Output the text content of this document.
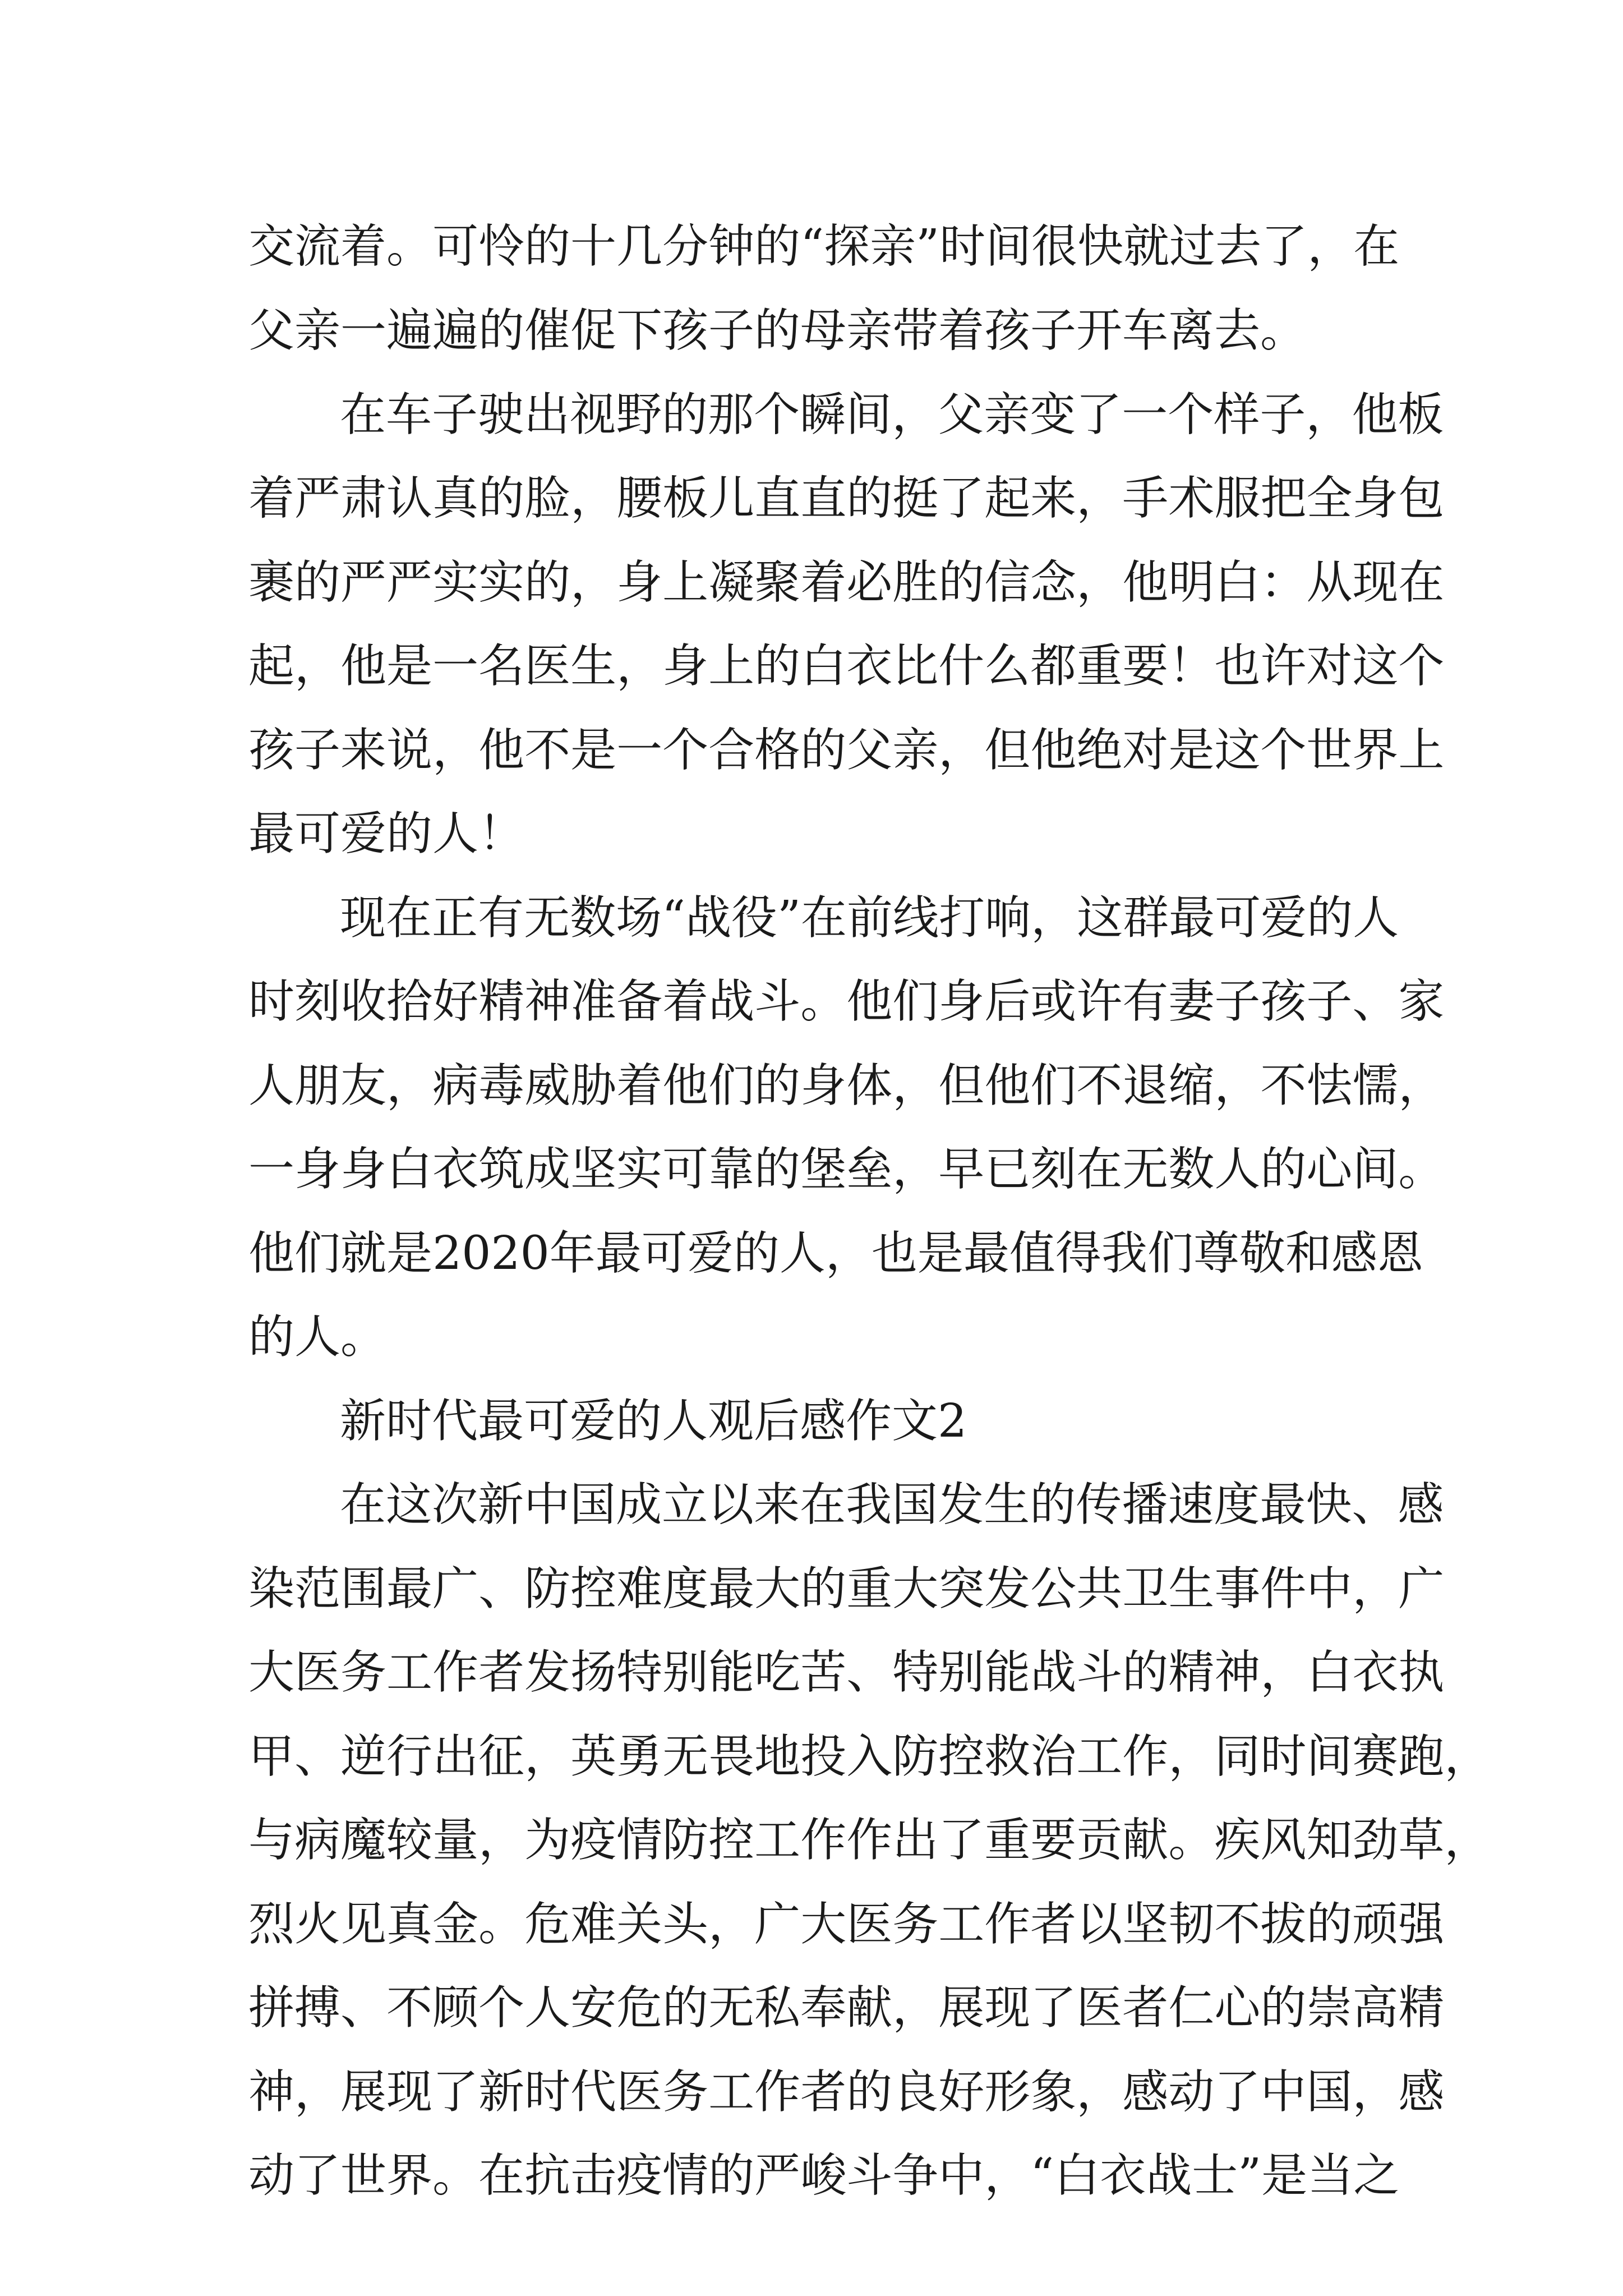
交 流 着 。 可 怜 的 十 几 分 钟 的 “ 探 亲 ” 时 间 很 快 就 过 去 了 ， 在
父亲一遍遍的催促下孩子的母亲带着孩子开车离去。
在 车 子 驶 出 视 野 的 那 个 瞬 间 ， 父 亲 变 了 一 个 样 子 ， 他 板
着 严 肃 认 真 的 脸 ， 腰 板 儿 直 直 的 挺 了 起 来 ， 手 术 服 把 全 身 包
裹 的 严 严 实 实 的 ， 身 上 凝 聚 着 必 胜 的 信 念 ， 他 明 白 ： 从 现 在
起 ， 他 是 一 名 医 生 ， 身 上 的 白 衣 比 什 么 都 重 要 ！ 也 许 对 这 个
孩 子 来 说 ， 他 不 是 一 个 合 格 的 父 亲 ， 但 他 绝 对 是 这 个 世 界 上
最可爱的人！
现 在 正 有 无 数 场 “ 战 役 ” 在 前 线 打 响 ， 这 群 最 可 爱 的 人
时 刻 收 拾 好 精 神 准 备 着 战 斗 。 他 们 身 后 或 许 有 妻 子 孩 子 、 家
人 朋 友 ， 病 毒 威 胁 着 他 们 的 身 体 ， 但 他 们 不 退 缩 ， 不 怯 懦 ，
一 身 身 白 衣 筑 成 坚 实 可 靠 的 堡 垒 ， 早 已 刻 在 无 数 人 的 心 间 。
他 们 就 是 2 0 2 0 年 最 可 爱 的 人 ， 也 是 最 值 得 我 们 尊 敬 和 感 恩
的人。
新时代最可爱的人观后感作文2
在 这 次 新 中 国 成 立 以 来 在 我 国 发 生 的 传 播 速 度 最 快 、 感
染 范 围 最 广 、 防 控 难 度 最 大 的 重 大 突 发 公 共 卫 生 事 件 中 ， 广
大 医 务 工 作 者 发 扬 特 别 能 吃 苦 、 特 别 能 战 斗 的 精 神 ， 白 衣 执
甲 、 逆 行 出 征 ， 英 勇 无 畏 地 投 入 防 控 救 治 工 作 ， 同 时 间 赛 跑 ，
与 病 魔 较 量 ， 为 疫 情 防 控 工 作 作 出 了 重 要 贡 献 。 疾 风 知 劲 草 ，
烈 火 见 真 金 。 危 难 关 头 ， 广 大 医 务 工 作 者 以 坚 韧 不 拔 的 顽 强
拼 搏 、 不 顾 个 人 安 危 的 无 私 奉 献 ， 展 现 了 医 者 仁 心 的 崇 高 精
神 ， 展 现 了 新 时 代 医 务 工 作 者 的 良 好 形 象 ， 感 动 了 中 国 ， 感
动 了 世 界 。 在 抗 击 疫 情 的 严 峻 斗 争 中 ， “ 白 衣 战 士 ” 是 当 之
